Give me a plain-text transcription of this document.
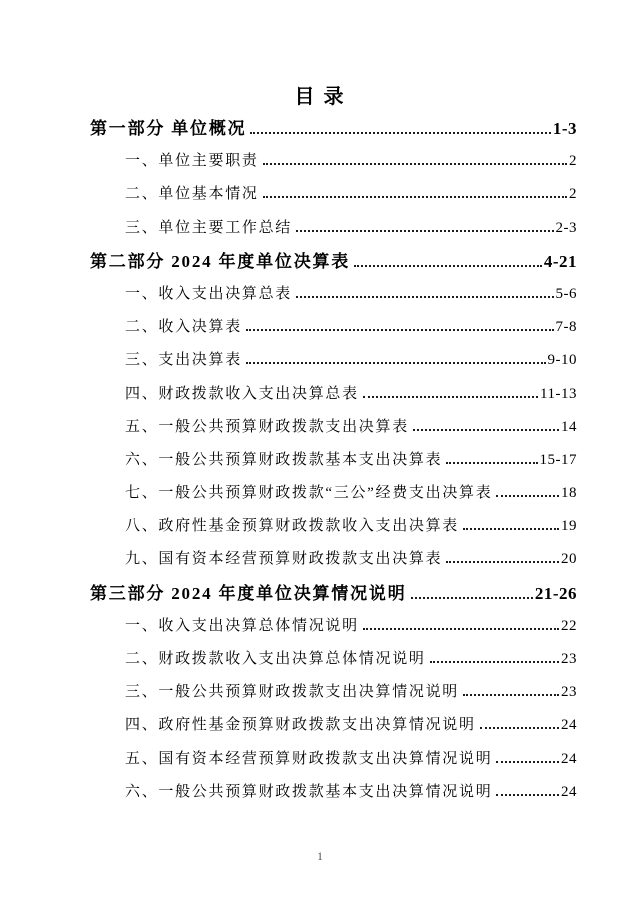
目 录
第一部分 单位概况	1-3
一、单位主要职责	2
二、单位基本情况	2
三、单位主要工作总结	2-3
第二部分 2024 年度单位决算表	4-21
一、收入支出决算总表	5-6
二、收入决算表	7-8
三、支出决算表	9-10
四、财政拨款收入支出决算总表	11-13
五、一般公共预算财政拨款支出决算表	14
六、一般公共预算财政拨款基本支出决算表	15-17
七、一般公共预算财政拨款“三公”经费支出决算表	18
八、政府性基金预算财政拨款收入支出决算表	19
九、国有资本经营预算财政拨款支出决算表	20
第三部分 2024 年度单位决算情况说明	21-26
一、收入支出决算总体情况说明	22
二、财政拨款收入支出决算总体情况说明	23
三、一般公共预算财政拨款支出决算情况说明	23
四、政府性基金预算财政拨款支出决算情况说明	24
五、国有资本经营预算财政拨款支出决算情况说明	24
六、一般公共预算财政拨款基本支出决算情况说明	24
1
